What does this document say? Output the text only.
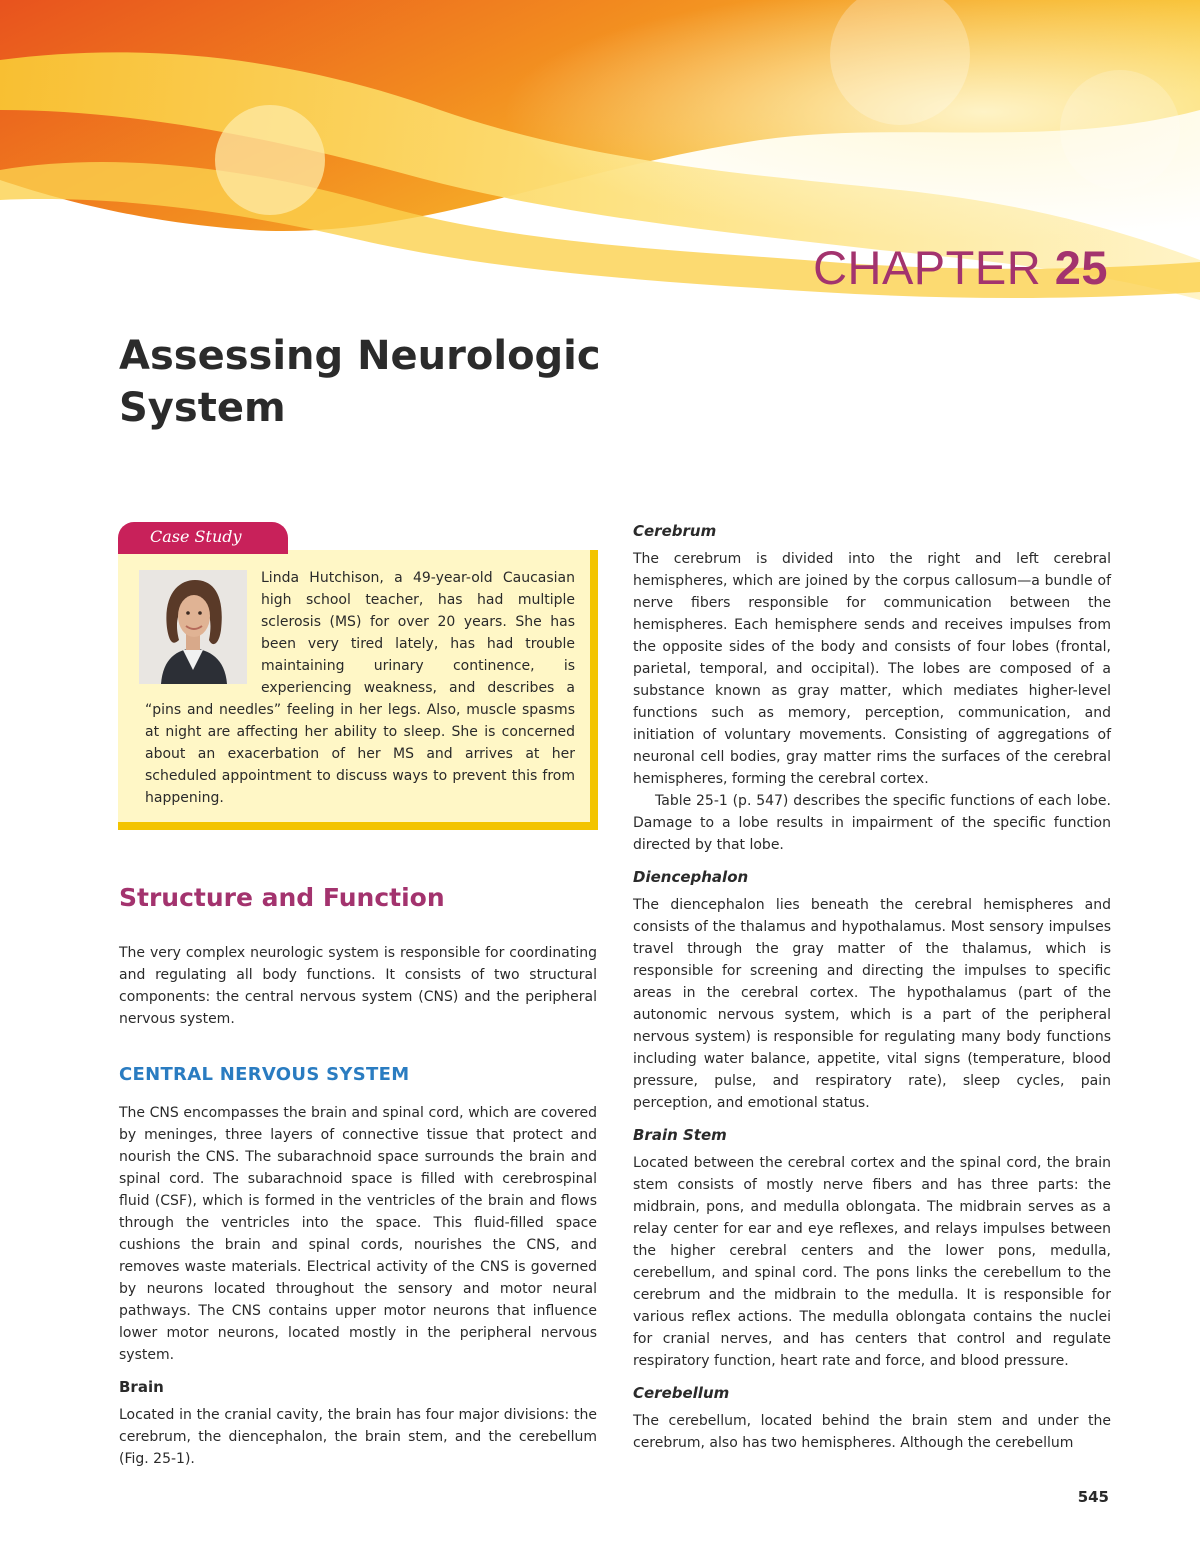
CHAPTER 25
Assessing Neurologic
System
Case Study

Linda Hutchison, a 49-year-old Caucasian high school teacher, has had multiple sclerosis (MS) for over 20 years. She has been very tired lately, has had trouble maintaining urinary continence, is experiencing weakness, and describes a “pins and needles” feeling in her legs. Also, muscle spasms at night are affecting her ability to sleep. She is concerned about an exacerbation of her MS and arrives at her scheduled appointment to discuss ways to prevent this from happening.

Structure and Function

The very complex neurologic system is responsible for coordinating and regulating all body functions. It consists of two structural components: the central nervous system (CNS) and the peripheral nervous system.

CENTRAL NERVOUS SYSTEM

The CNS encompasses the brain and spinal cord, which are covered by meninges, three layers of connective tissue that protect and nourish the CNS. The subarachnoid space surrounds the brain and spinal cord. The subarachnoid space is filled with cerebrospinal fluid (CSF), which is formed in the ventricles of the brain and flows through the ventricles into the space. This fluid-filled space cushions the brain and spinal cords, nourishes the CNS, and removes waste materials. Electrical activity of the CNS is governed by neurons located throughout the sensory and motor neural pathways. The CNS contains upper motor neurons that influence lower motor neurons, located mostly in the peripheral nervous system.

Brain

Located in the cranial cavity, the brain has four major divisions: the cerebrum, the diencephalon, the brain stem, and the cerebellum (Fig. 25-1).

Cerebrum

The cerebrum is divided into the right and left cerebral hemispheres, which are joined by the corpus callosum—a bundle of nerve fibers responsible for communication between the hemispheres. Each hemisphere sends and receives impulses from the opposite sides of the body and consists of four lobes (frontal, parietal, temporal, and occipital). The lobes are composed of a substance known as gray matter, which mediates higher-level functions such as memory, perception, communication, and initiation of voluntary movements. Consisting of aggregations of neuronal cell bodies, gray matter rims the surfaces of the cerebral hemispheres, forming the cerebral cortex.

Table 25-1 (p. 547) describes the specific functions of each lobe. Damage to a lobe results in impairment of the specific function directed by that lobe.

Diencephalon

The diencephalon lies beneath the cerebral hemispheres and consists of the thalamus and hypothalamus. Most sensory impulses travel through the gray matter of the thalamus, which is responsible for screening and directing the impulses to specific areas in the cerebral cortex. The hypothalamus (part of the autonomic nervous system, which is a part of the peripheral nervous system) is responsible for regulating many body functions including water balance, appetite, vital signs (temperature, blood pressure, pulse, and respiratory rate), sleep cycles, pain perception, and emotional status.

Brain Stem

Located between the cerebral cortex and the spinal cord, the brain stem consists of mostly nerve fibers and has three parts: the midbrain, pons, and medulla oblongata. The midbrain serves as a relay center for ear and eye reflexes, and relays impulses between the higher cerebral centers and the lower pons, medulla, cerebellum, and spinal cord. The pons links the cerebellum to the cerebrum and the midbrain to the medulla. It is responsible for various reflex actions. The medulla oblongata contains the nuclei for cranial nerves, and has centers that control and regulate respiratory function, heart rate and force, and blood pressure.

Cerebellum

The cerebellum, located behind the brain stem and under the cerebrum, also has two hemispheres. Although the cerebellum

545
